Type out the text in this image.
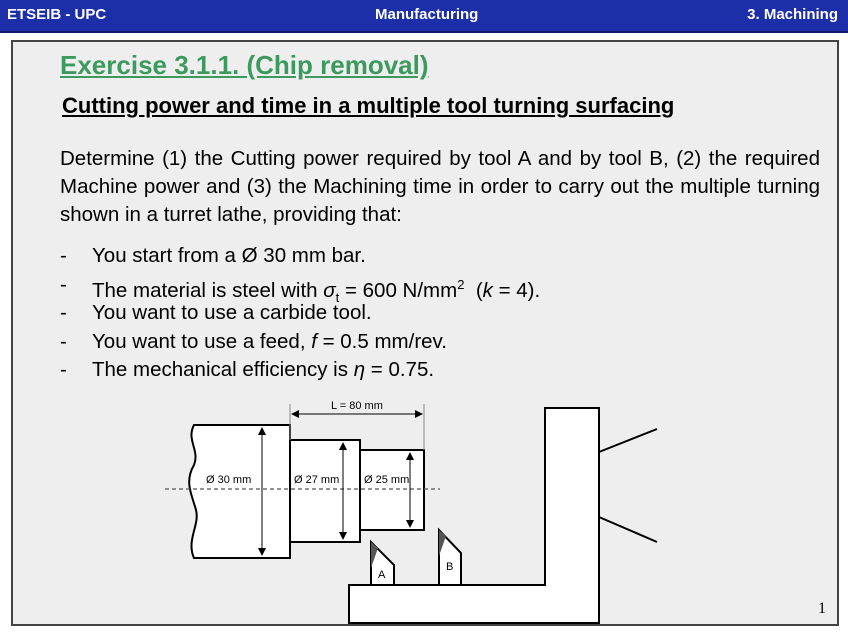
ETSEIB - UPC	Manufacturing	3. Machining
Exercise 3.1.1. (Chip removal)
Cutting power and time in a multiple tool turning surfacing
Determine (1) the Cutting power required by tool A and by tool B, (2) the required Machine power and (3) the Machining time in order to carry out the multiple turning shown in a turret lathe, providing that:
- You start from a Ø 30 mm bar.
- The material is steel with $\sigma_t = 600$ $N/mm^2$  (k = 4).
- You want to use a carbide tool.
- You want to use a feed, f = 0.5 mm/rev.
- The mechanical efficiency is η = 0.75.
L = 80 mm
Ø 30 mm	Ø 27 mm Ø 25 mm
A
B
1
